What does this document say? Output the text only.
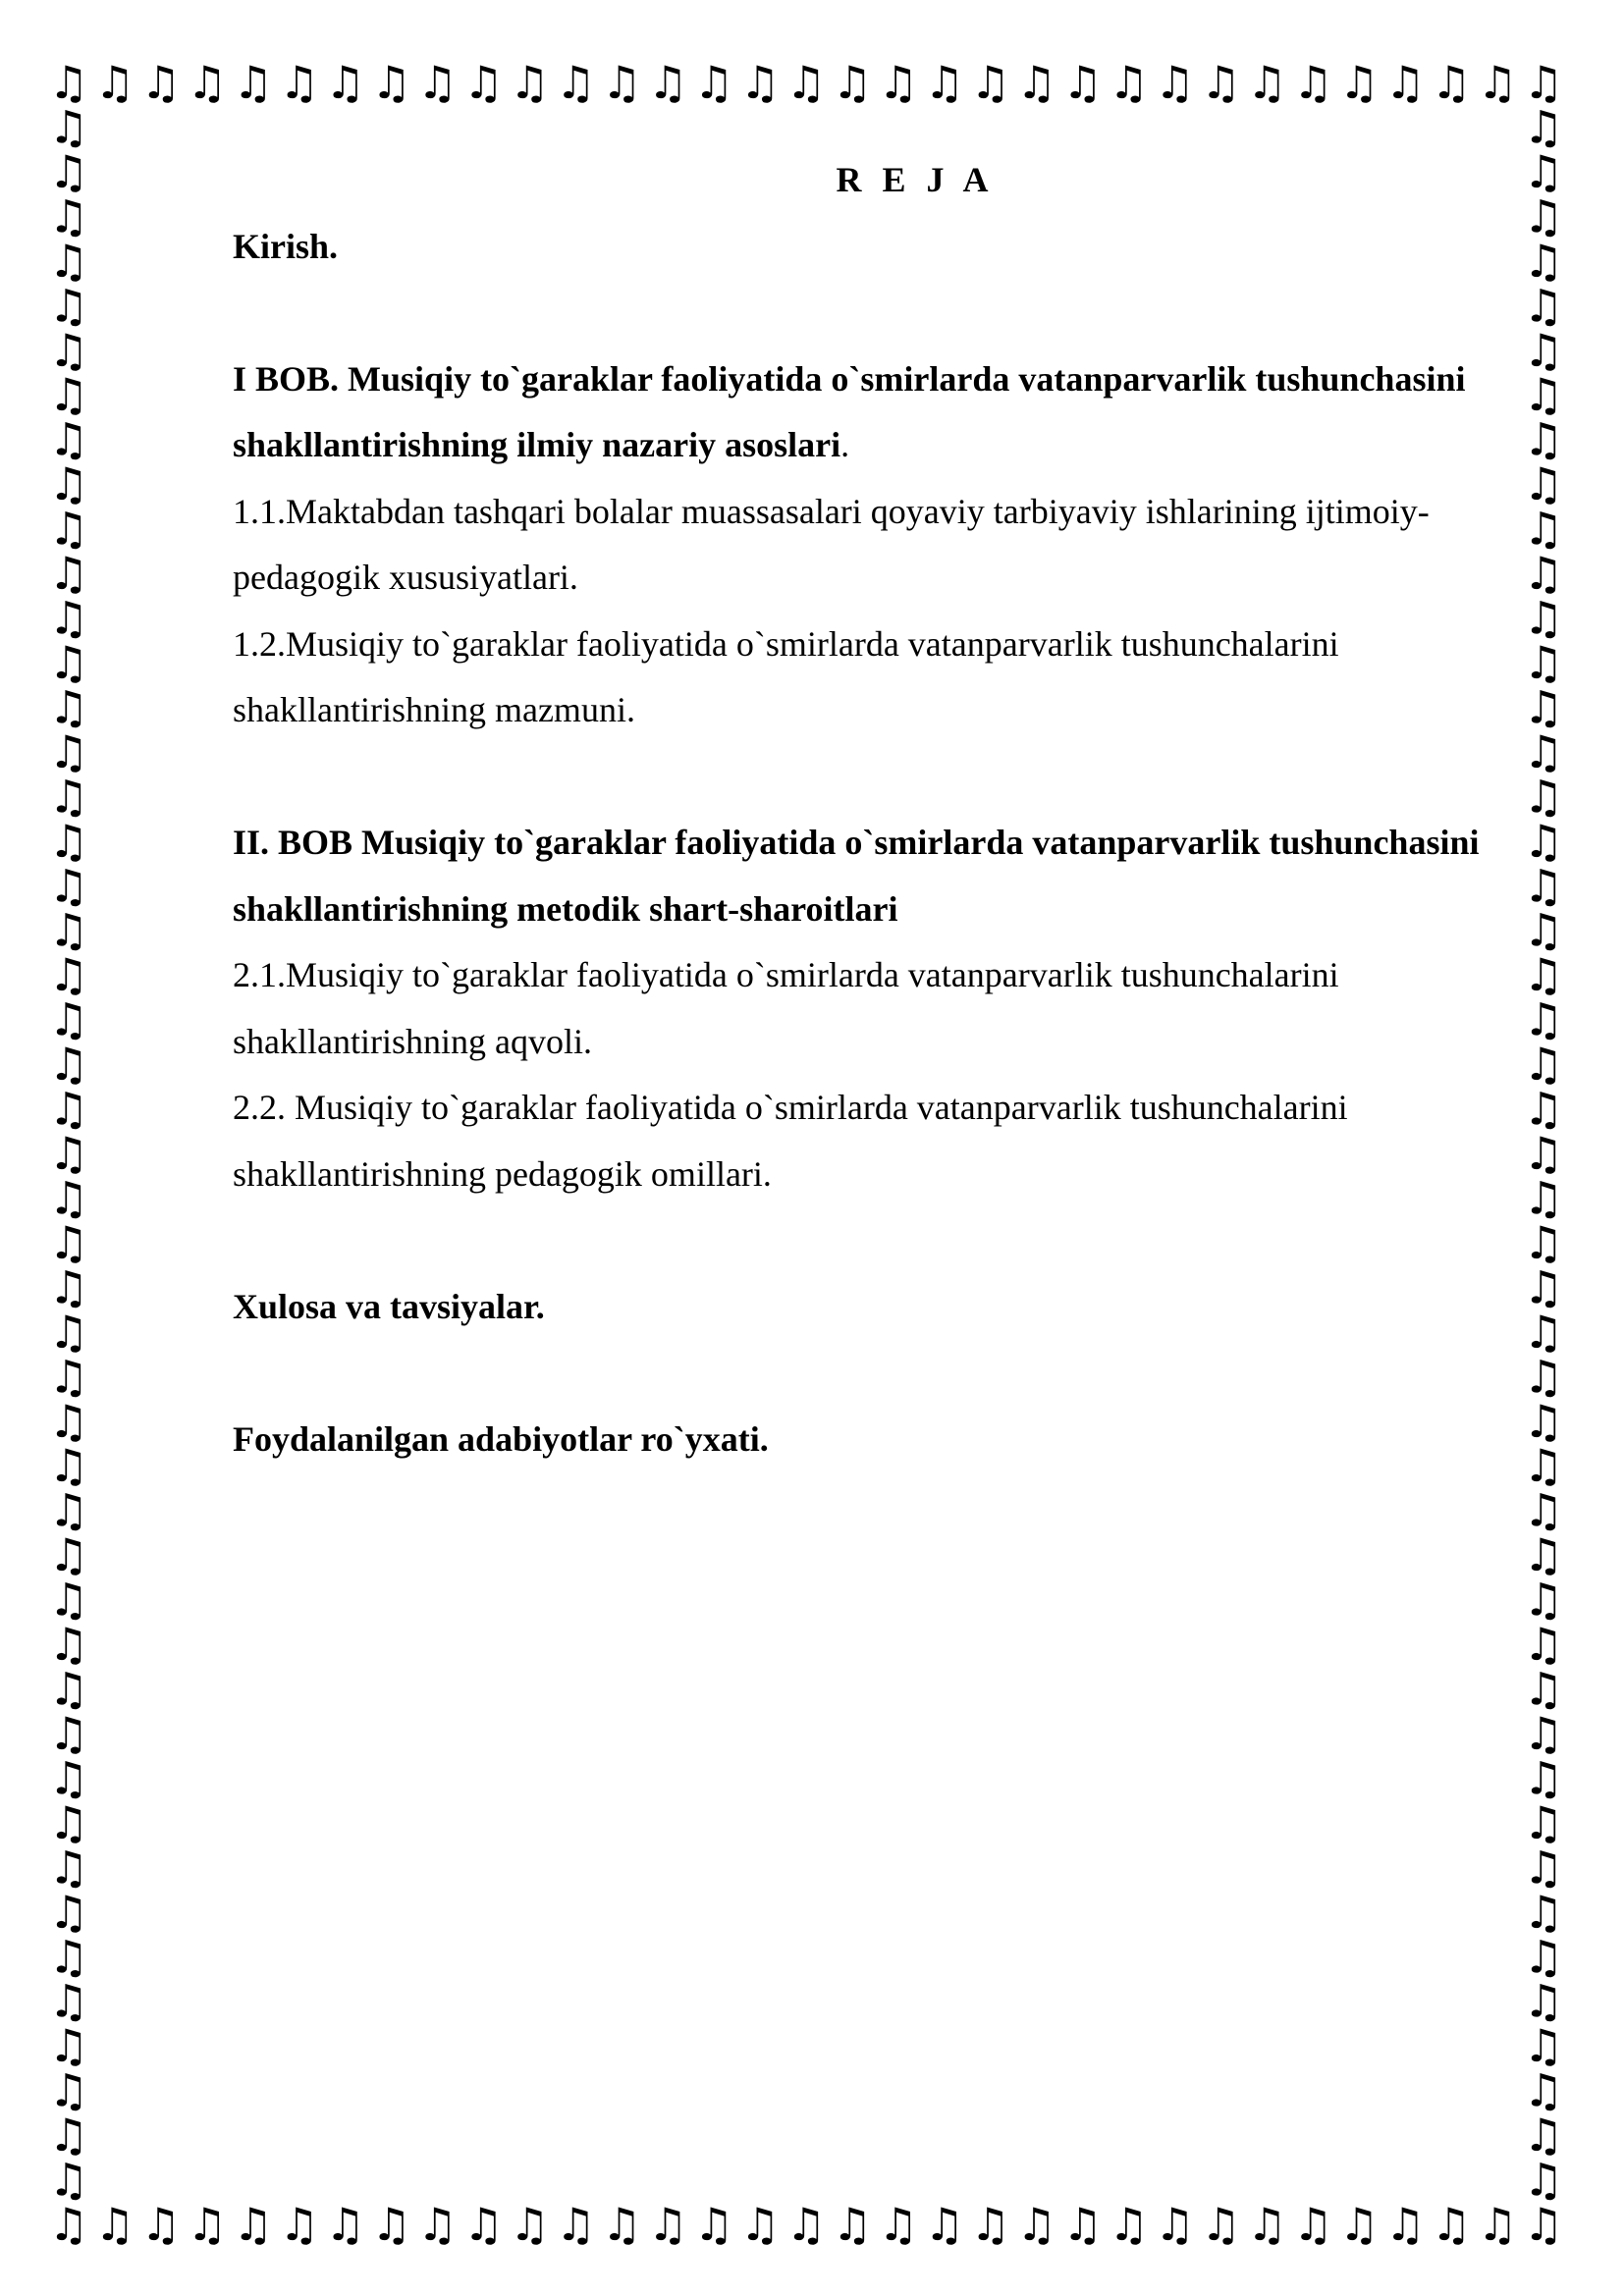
♫
♫
♫
♫
♫
♫
♫
♫
♫
♫
♫
♫
♫
♫
♫
♫
♫
♫
♫
♫
♫
♫
♫
♫
♫
♫
♫
♫
♫
♫
♫
♫
♫
♫
♫
♫
♫
♫
♫
♫
♫
♫
♫
♫
♫
♫
♫
♫
♫
♫
♫
♫
♫
♫
♫
♫
♫
♫
♫
♫
♫
♫
♫
♫
♫
♫
♫	♫
♫	♫
♫	♫
♫	♫
♫	♫
♫	♫
♫	♫
♫	♫
♫	♫
♫	♫
♫	♫
♫	♫
♫	♫
♫	♫
♫	♫
♫	♫
♫	♫
♫	♫
♫	♫
♫	♫
♫	♫
♫	♫
♫	♫
♫	♫
♫	♫
♫	♫
♫	♫
♫	♫
♫	♫
♫	♫
♫	♫
♫	♫
♫	♫
♫	♫
♫	♫
♫	♫
♫	♫
♫	♫
♫	♫
♫	♫
♫	♫
♫	♫
♫	♫
♫	♫
♫	♫
♫	♫
♫	♫
R E J A

Kirish.

I BOB. Musiqiy to`garaklar faoliyatida o`smirlarda vatanparvarlik tushunchasini shakllantirishning ilmiy nazariy asoslari.

1.1.Maktabdan tashqari bolalar muassasalari qoyaviy tarbiyaviy ishlarining ijtimoiy-pedagogik xususiyatlari.

1.2.Musiqiy to`garaklar faoliyatida o`smirlarda vatanparvarlik tushunchalarini shakllantirishning mazmuni.

II. BOB Musiqiy to`garaklar faoliyatida o`smirlarda vatanparvarlik tushunchasini shakllantirishning metodik shart-sharoitlari

2.1.Musiqiy to`garaklar faoliyatida o`smirlarda vatanparvarlik tushunchalarini shakllantirishning aqvoli.

2.2. Musiqiy to`garaklar faoliyatida o`smirlarda vatanparvarlik tushunchalarini shakllantirishning pedagogik omillari.

Xulosa va tavsiyalar.

Foydalanilgan adabiyotlar ro`yxati.
